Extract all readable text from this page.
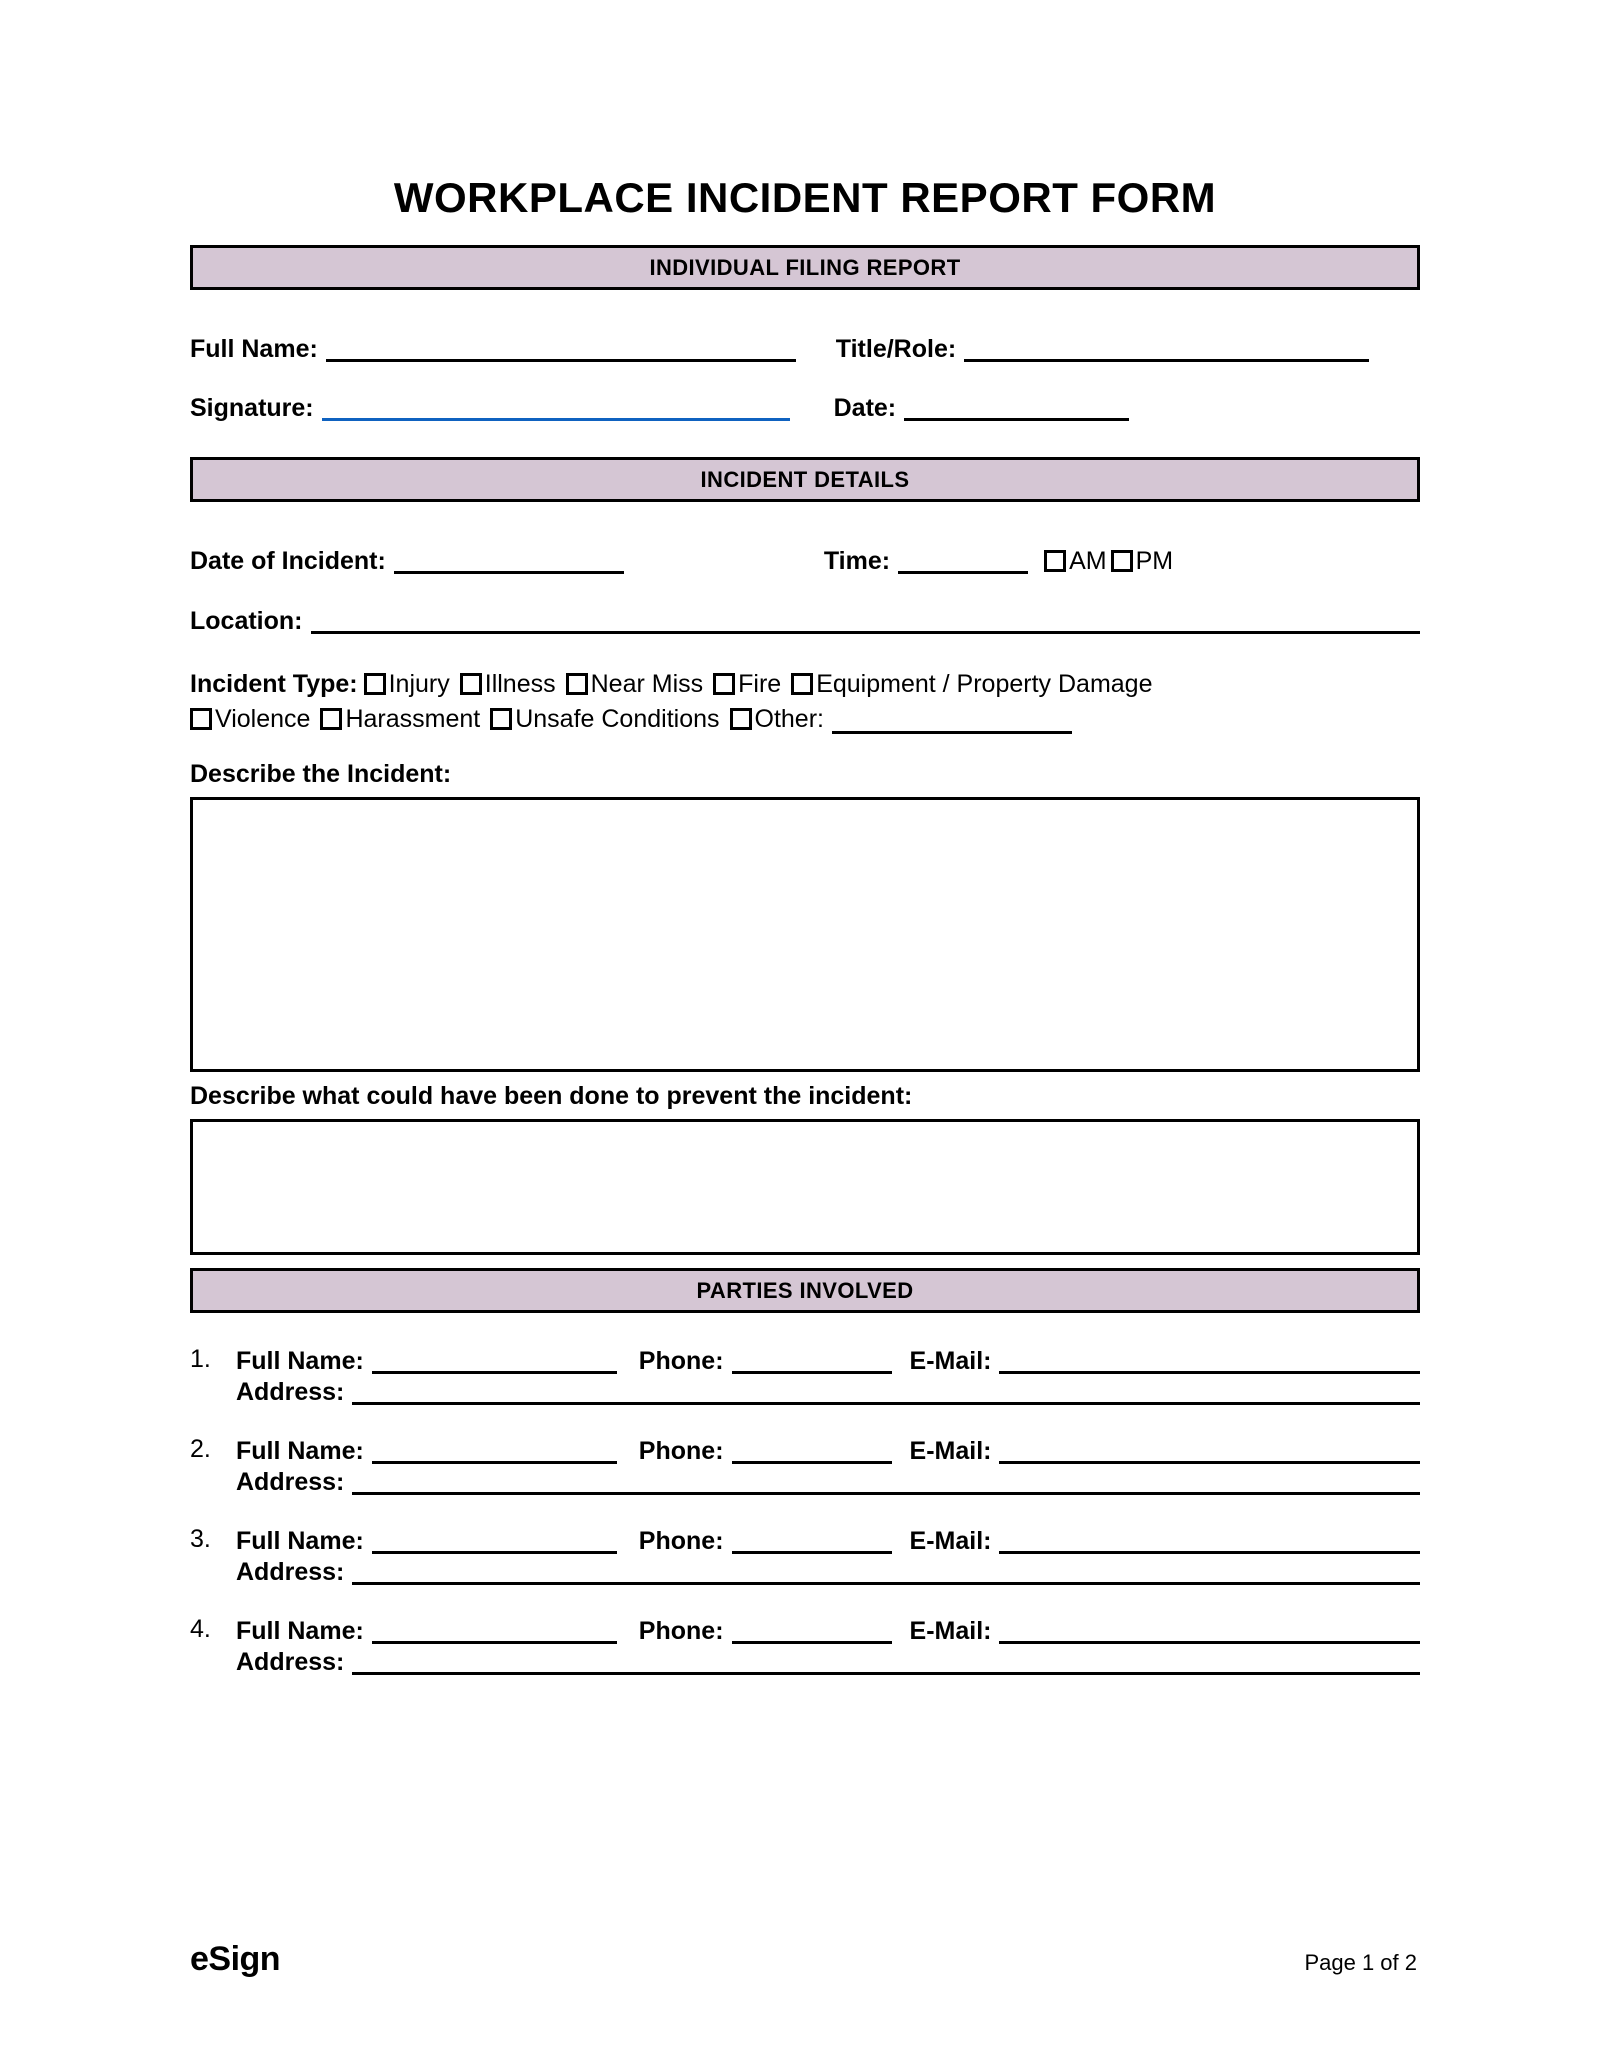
WORKPLACE INCIDENT REPORT FORM
INDIVIDUAL FILING REPORT
Full Name:	Title/Role:
Signature:	Date:
INCIDENT DETAILS
Date of Incident:	Time:	AM PM
Location:
Incident Type: Injury Illness Near Miss Fire Equipment / Property Damage
Violence Harassment Unsafe Conditions Other:
Describe the Incident:
Describe what could have been done to prevent the incident:
PARTIES INVOLVED
1.	Full Name:	Phone:	E-Mail:
Address:
2.	Full Name:	Phone:	E-Mail:
Address:
3.	Full Name:	Phone:	E-Mail:
Address:
4.	Full Name:	Phone:	E-Mail:
Address:
eSign	Page 1 of 2
